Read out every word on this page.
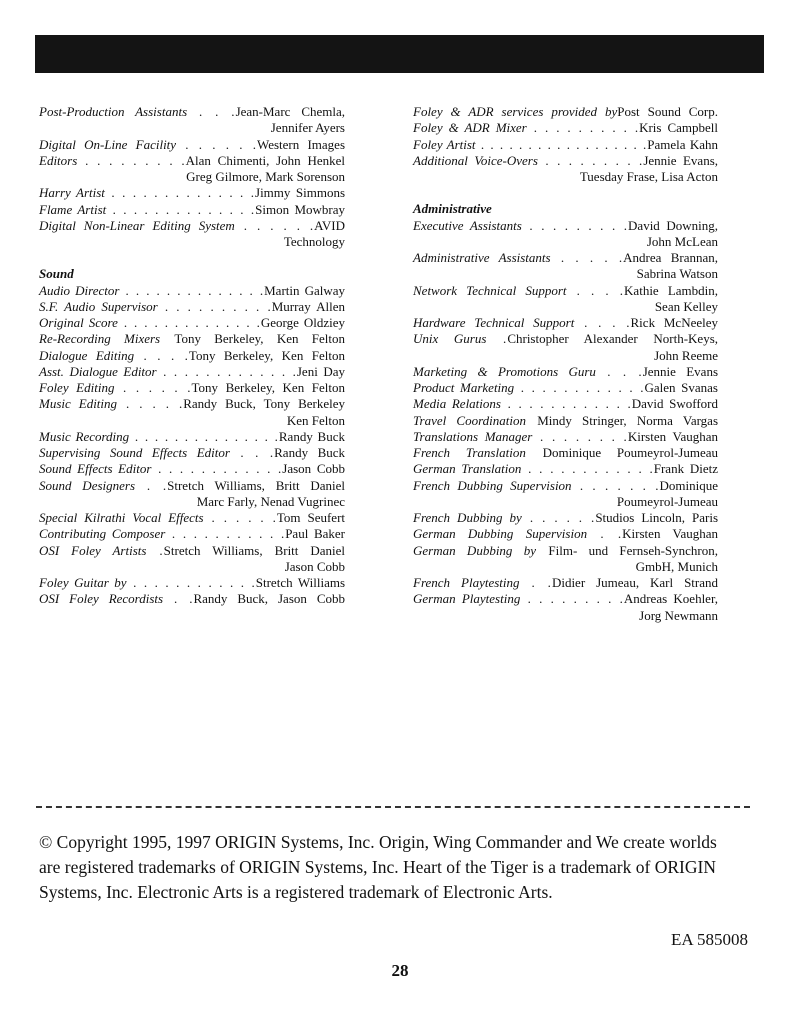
Post-Production Assistants . . .Jean-Marc Chemla,
Jennifer Ayers
Digital On-Line Facility . . . . . .Western Images
Editors . . . . . . . . .Alan Chimenti, John Henkel
Greg Gilmore, Mark Sorenson
Harry Artist . . . . . . . . . . . . . .Jimmy Simmons
Flame Artist . . . . . . . . . . . . . .Simon Mowbray
Digital Non-Linear Editing System . . . . . .AVID
Technology
Sound
Audio Director . . . . . . . . . . . . . .Martin Galway
S.F. Audio Supervisor . . . . . . . . . .Murray Allen
Original Score . . . . . . . . . . . . . .George Oldziey
Re-Recording Mixers Tony Berkeley, Ken Felton
Dialogue Editing . . . .Tony Berkeley, Ken Felton
Asst. Dialogue Editor . . . . . . . . . . . . .Jeni Day
Foley Editing . . . . . .Tony Berkeley, Ken Felton
Music Editing . . . . .Randy Buck, Tony Berkeley
Ken Felton
Music Recording . . . . . . . . . . . . . . .Randy Buck
Supervising Sound Effects Editor . . .Randy Buck
Sound Effects Editor . . . . . . . . . . . .Jason Cobb
Sound Designers . .Stretch Williams, Britt Daniel
Marc Farly, Nenad Vugrinec
Special Kilrathi Vocal Effects . . . . . .Tom Seufert
Contributing Composer . . . . . . . . . . .Paul Baker
OSI Foley Artists .Stretch Williams, Britt Daniel
Jason Cobb
Foley Guitar by . . . . . . . . . . . .Stretch Williams
OSI Foley Recordists . .Randy Buck, Jason Cobb
Foley & ADR services provided byPost Sound Corp.
Foley & ADR Mixer . . . . . . . . . .Kris Campbell
Foley Artist . . . . . . . . . . . . . . . . . .Pamela Kahn
Additional Voice-Overs . . . . . . . . .Jennie Evans,
Tuesday Frase, Lisa Acton
Administrative
Executive Assistants . . . . . . . . .David Downing,
John McLean
Administrative Assistants . . . . .Andrea Brannan,
Sabrina Watson
Network Technical Support . . . .Kathie Lambdin,
Sean Kelley
Hardware Technical Support . . . .Rick McNeeley
Unix Gurus .Christopher Alexander North-Keys,
John Reeme
Marketing & Promotions Guru . . .Jennie Evans
Product Marketing . . . . . . . . . . . .Galen Svanas
Media Relations . . . . . . . . . . . .David Swofford
Travel Coordination Mindy Stringer, Norma Vargas
Translations Manager . . . . . . . .Kirsten Vaughan
French Translation Dominique Poumeyrol-Jumeau
German Translation . . . . . . . . . . . .Frank Dietz
French Dubbing Supervision . . . . . . .Dominique
Poumeyrol-Jumeau
French Dubbing by . . . . . .Studios Lincoln, Paris
German Dubbing Supervision . .Kirsten Vaughan
German Dubbing by Film- und Fernseh-Synchron,
GmbH, Munich
French Playtesting . .Didier Jumeau, Karl Strand
German Playtesting . . . . . . . . .Andreas Koehler,
Jorg Newmann
© Copyright 1995, 1997 ORIGIN Systems, Inc. Origin, Wing Commander and We create worlds are registered trademarks of ORIGIN Systems, Inc. Heart of the Tiger is a trademark of ORIGIN Systems, Inc. Electronic Arts is a registered trademark of Electronic Arts.
EA 585008
28
